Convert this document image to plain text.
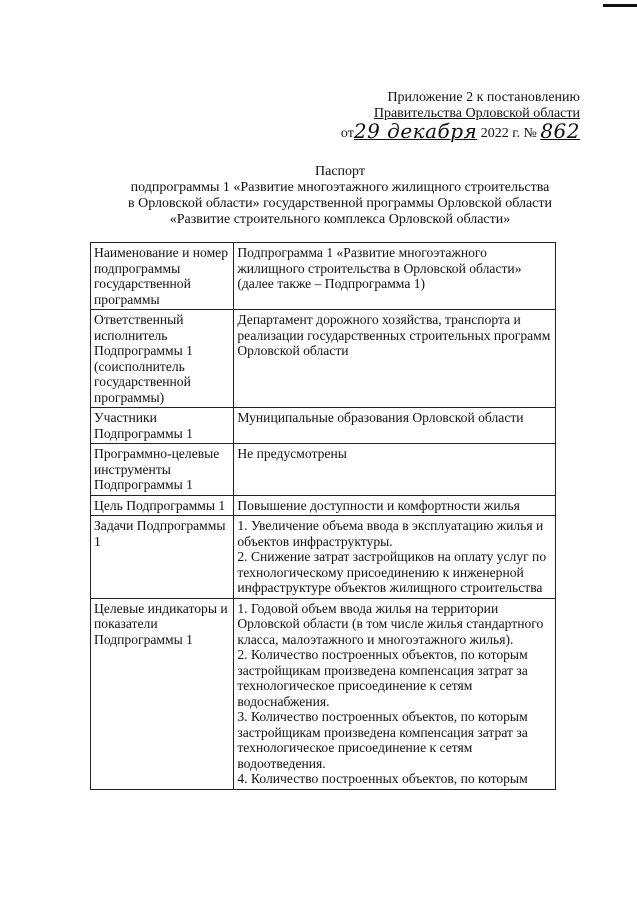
Приложение 2 к постановлению
Правительства Орловской области
от29 декабря 2022 г. № 862
Паспорт
подпрограммы 1 «Развитие многоэтажного жилищного строительства
в Орловской области» государственной программы Орловской области
«Развитие строительного комплекса Орловской области»
Наименование и номер подпрограммы государственной программы	Подпрограмма 1 «Развитие многоэтажного жилищного строительства в Орловской области» (далее также – Подпрограмма 1)
Ответственный исполнитель Подпрограммы 1 (соисполнитель государственной программы)	Департамент дорожного хозяйства, транспорта и реализации государственных строительных программ Орловской области
Участники Подпрограммы 1	Муниципальные образования Орловской области
Программно-целевые инструменты Подпрограммы 1	Не предусмотрены
Цель Подпрограммы 1	Повышение доступности и комфортности жилья
Задачи Подпрограммы 1	1. Увеличение объема ввода в эксплуатацию жилья и объектов инфраструктуры.
2. Снижение затрат застройщиков на оплату услуг по технологическому присоединению к инженерной инфраструктуре объектов жилищного строительства

Целевые индикаторы и показатели Подпрограммы 1	1. Годовой объем ввода жилья на территории Орловской области (в том числе жилья стандартного класса, малоэтажного и многоэтажного жилья).
2. Количество построенных объектов, по которым застройщикам произведена компенсация затрат за технологическое присоединение к сетям водоснабжения.
3. Количество построенных объектов, по которым застройщикам произведена компенсация затрат за технологическое присоединение к сетям водоотведения.
4. Количество построенных объектов, по которым
